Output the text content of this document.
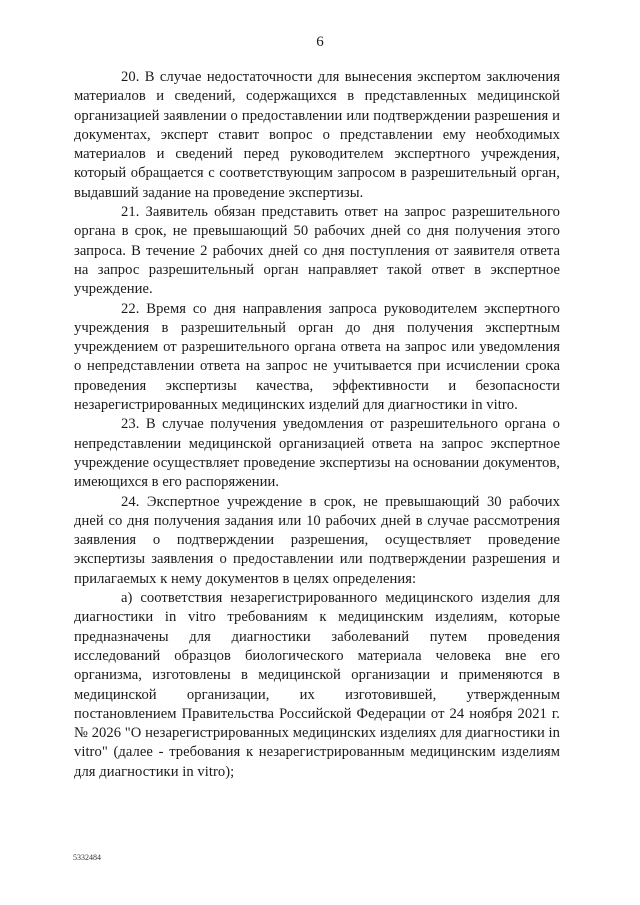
6

20. В случае недостаточности для вынесения экспертом заключения материалов и сведений, содержащихся в представленных медицинской организацией заявлении о предоставлении или подтверждении разрешения и документах, эксперт ставит вопрос о представлении ему необходимых материалов и сведений перед руководителем экспертного учреждения, который обращается с соответствующим запросом в разрешительный орган, выдавший задание на проведение экспертизы.

21. Заявитель обязан представить ответ на запрос разрешительного органа в срок, не превышающий 50 рабочих дней со дня получения этого запроса. В течение 2 рабочих дней со дня поступления от заявителя ответа на запрос разрешительный орган направляет такой ответ в экспертное учреждение.

22. Время со дня направления запроса руководителем экспертного учреждения в разрешительный орган до дня получения экспертным учреждением от разрешительного органа ответа на запрос или уведомления о непредставлении ответа на запрос не учитывается при исчислении срока проведения экспертизы качества, эффективности и безопасности незарегистрированных медицинских изделий для диагностики in vitro.

23. В случае получения уведомления от разрешительного органа о непредставлении медицинской организацией ответа на запрос экспертное учреждение осуществляет проведение экспертизы на основании документов, имеющихся в его распоряжении.

24. Экспертное учреждение в срок, не превышающий 30 рабочих дней со дня получения задания или 10 рабочих дней в случае рассмотрения заявления о подтверждении разрешения, осуществляет проведение экспертизы заявления о предоставлении или подтверждении разрешения и прилагаемых к нему документов в целях определения:

а) соответствия незарегистрированного медицинского изделия для диагностики in vitro требованиям к медицинским изделиям, которые предназначены для диагностики заболеваний путем проведения исследований образцов биологического материала человека вне его организма, изготовлены в медицинской организации и применяются в медицинской организации, их изготовившей, утвержденным постановлением Правительства Российской Федерации от 24 ноября 2021 г. № 2026 "О незарегистрированных медицинских изделиях для диагностики in vitro" (далее - требования к незарегистрированным медицинским изделиям для диагностики in vitro);

5332484
